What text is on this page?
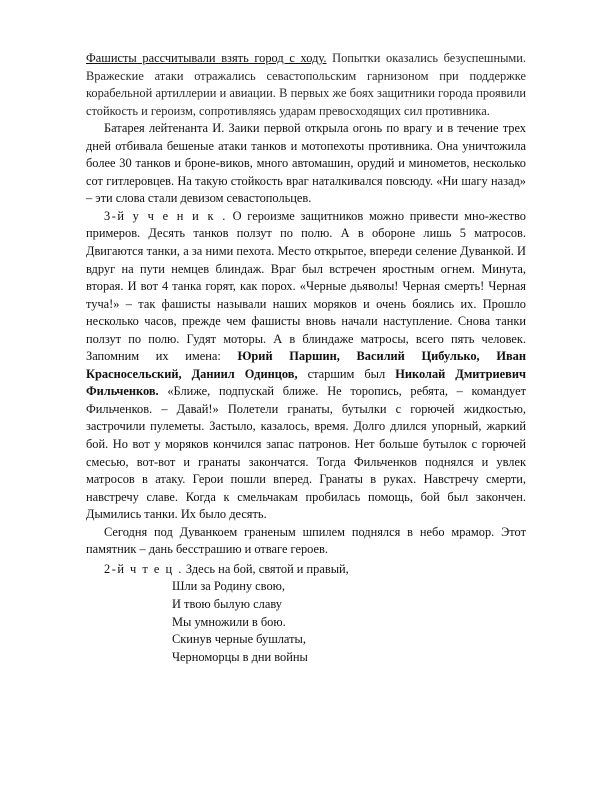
Фашисты рассчитывали взять город с ходу. Попытки оказались безуспешными. Вражеские атаки отражались севастопольским гарнизоном при поддержке корабельной артиллерии и авиации. В первых же боях защитники города проявили стойкость и героизм, сопротивляясь ударам превосходящих сил противника.

Батарея лейтенанта И. Заики первой открыла огонь по врагу и в течение трех дней отбивала бешеные атаки танков и мотопехоты противника. Она уничтожила более 30 танков и броне-виков, много автомашин, орудий и минометов, несколько сот гитлеровцев. На такую стойкость враг наталкивался повсюду. «Ни шагу назад» – эти слова стали девизом севастопольцев.

3-й у ч е н и к . О героизме защитников можно привести мно-жество примеров. Десять танков ползут по полю. А в обороне лишь 5 матросов. Двигаются танки, а за ними пехота. Место открытое, впереди селение Дуванкой. И вдруг на пути немцев блиндаж. Враг был встречен яростным огнем. Минута, вторая. И вот 4 танка горят, как порох. «Черные дьяволы! Черная смерть! Черная туча!» – так фашисты называли наших моряков и очень боялись их. Прошло несколько часов, прежде чем фашисты вновь начали наступление. Снова танки ползут по полю. Гудят моторы. А в блиндаже матросы, всего пять человек. Запомним их имена: Юрий Паршин, Василий Цибулько, Иван Красносельский, Даниил Одинцов, старшим был Николай Дмитриевич Фильченков. «Ближе, подпускай ближе. Не торопись, ребята, – командует Фильченков. – Давай!» Полетели гранаты, бутылки с горючей жидкостью, застрочили пулеметы. Застыло, казалось, время. Долго длился упорный, жаркий бой. Но вот у моряков кончился запас патронов. Нет больше бутылок с горючей смесью, вот-вот и гранаты закончатся. Тогда Фильченков поднялся и увлек матросов в атаку. Герои пошли вперед. Гранаты в руках. Навстречу смерти, навстречу славе. Когда к смельчакам пробилась помощь, бой был закончен. Дымились танки. Их было десять.

Сегодня под Дуванкоем граненым шпилем поднялся в небо мрамор. Этот памятник – дань бесстрашию и отваге героев.

2-й ч т е ц . Здесь на бой, святой и правый,

Шли за Родину свою,

И твою былую славу

Мы умножили в бою.

Скинув черные бушлаты,

Черноморцы в дни войны
